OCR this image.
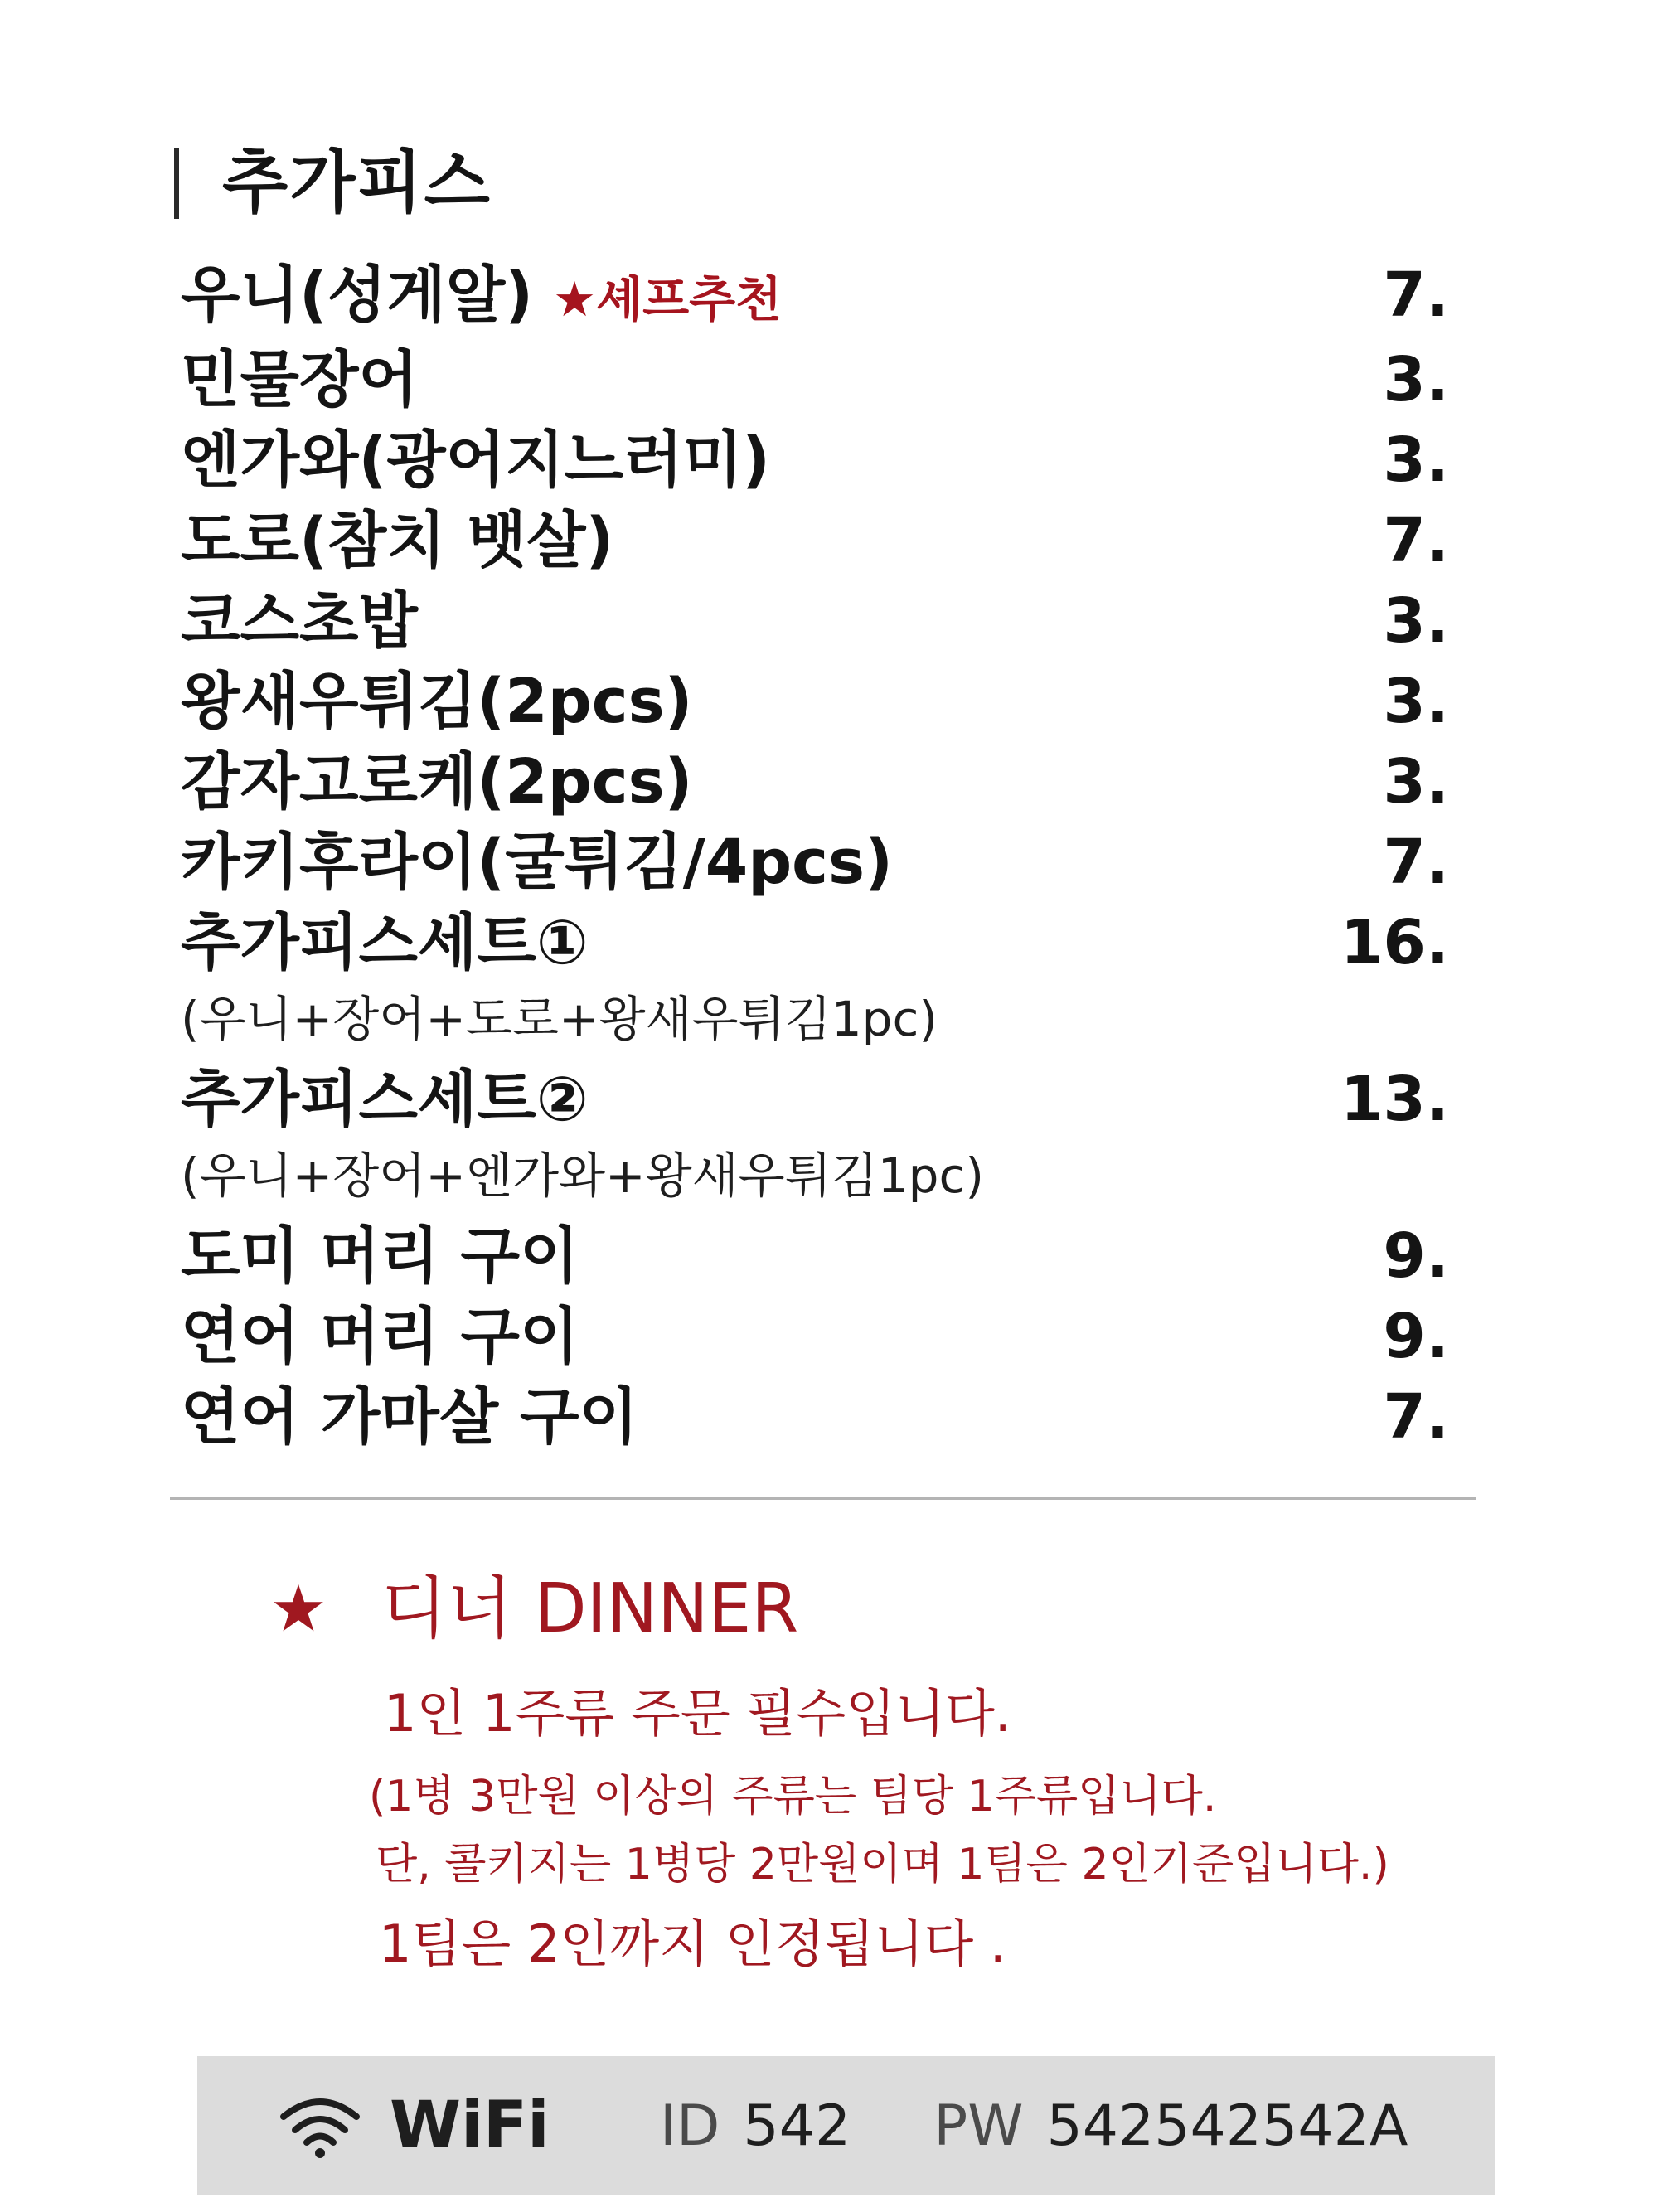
추가피스
우니(성게알) ★셰프추천	7.
민물장어	3.
엔가와(광어지느러미)	3.
도로(참치 뱃살)	7.
코스초밥	3.
왕새우튀김(2pcs)	3.
감자고로케(2pcs)	3.
카키후라이(굴튀김/4pcs)	7.
추가피스세트①	16.
(우니+장어+도로+왕새우튀김1pc)
추가피스세트②	13.
(우니+장어+엔가와+왕새우튀김1pc)
도미 머리 구이	9.
연어 머리 구이	9.
연어 가마살 구이	7.
★ 디너 DINNER
1인 1주류 주문 필수입니다.
(1병 3만원 이상의 주류는 팀당 1주류입니다.
단, 콜키지는 1병당 2만원이며 1팀은 2인기준입니다.)
1팀은 2인까지 인정됩니다 .
WiFi	ID 542 PW 542542542A
